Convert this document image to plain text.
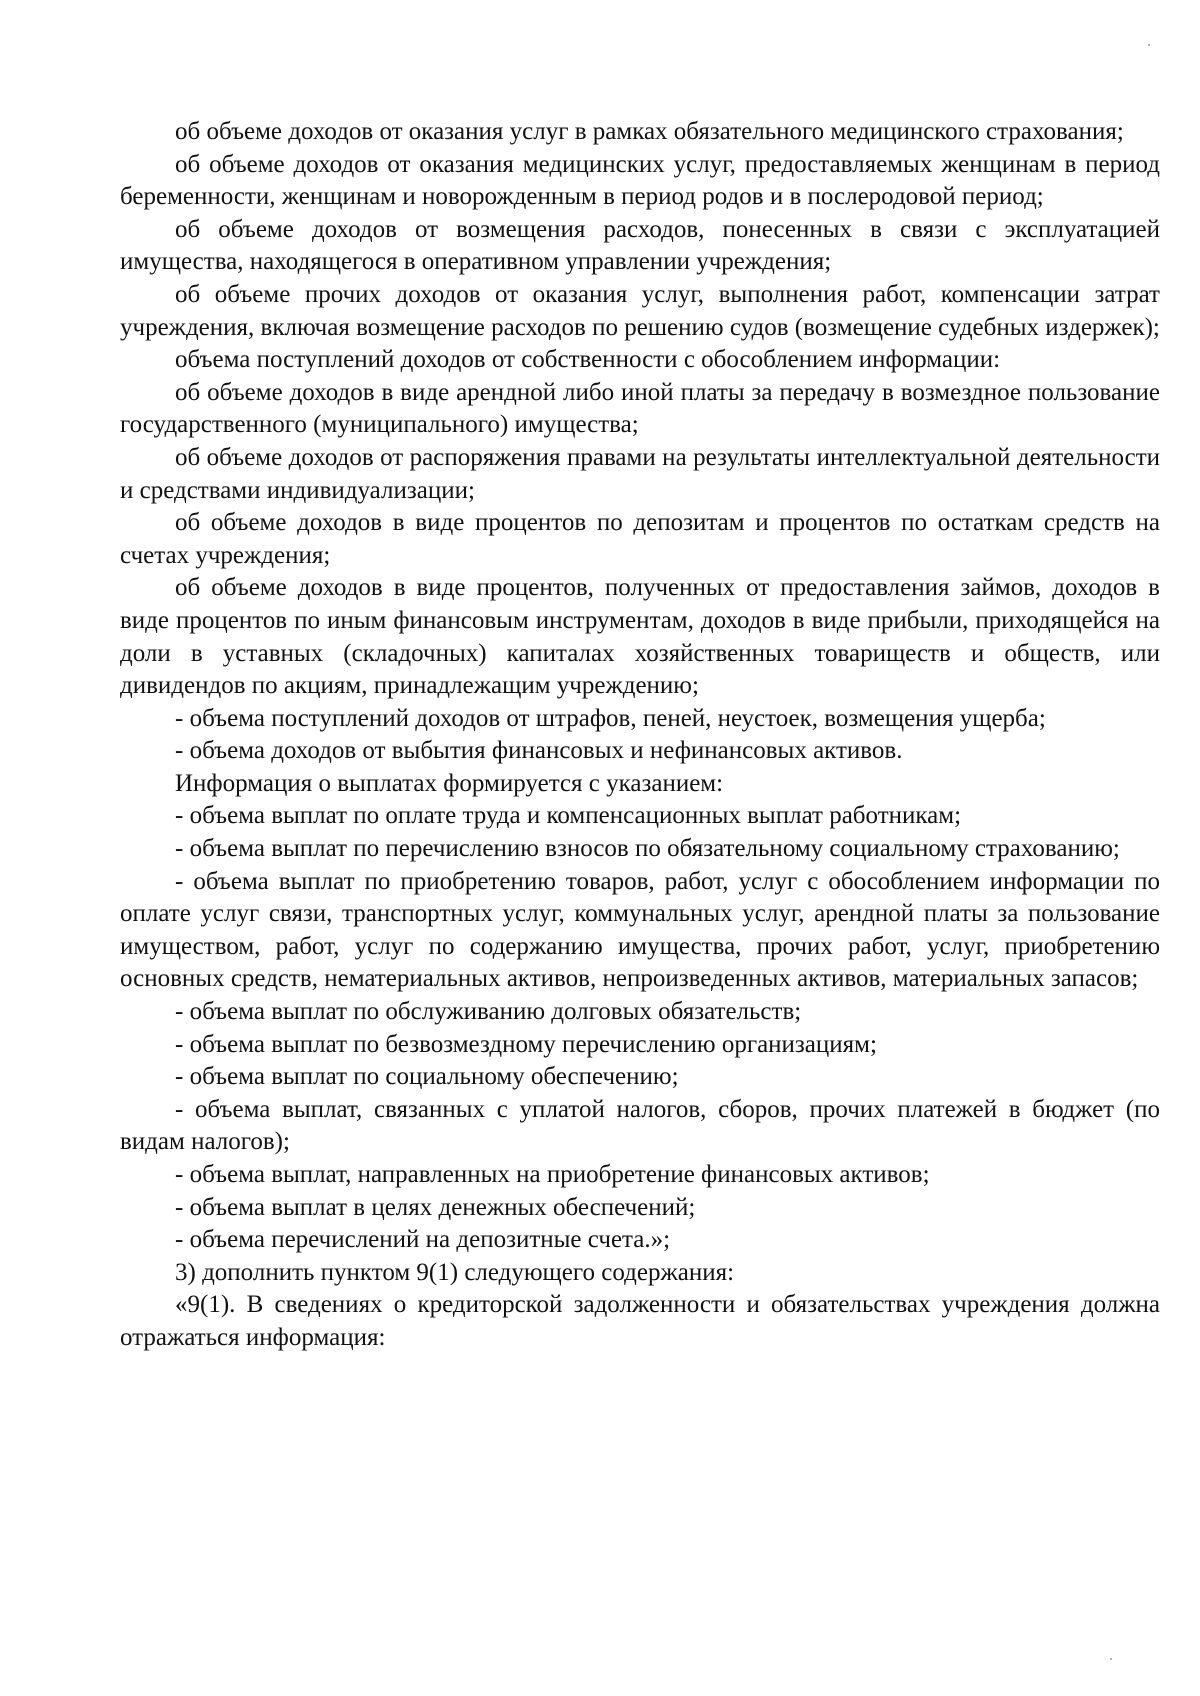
об объеме доходов от оказания услуг в рамках обязательного медицинского страхования;

об объеме доходов от оказания медицинских услуг, предоставляемых женщинам в период беременности, женщинам и новорожденным в период родов и в послеродовой период;

об объеме доходов от возмещения расходов, понесенных в связи с эксплуатацией имущества, находящегося в оперативном управлении учреждения;

об объеме прочих доходов от оказания услуг, выполнения работ, компенсации затрат учреждения, включая возмещение расходов по решению судов (возмещение судебных издержек);

объема поступлений доходов от собственности с обособлением информации:

об объеме доходов в виде арендной либо иной платы за передачу в возмездное пользование государственного (муниципального) имущества;

об объеме доходов от распоряжения правами на результаты интеллектуальной деятельности и средствами индивидуализации;

об объеме доходов в виде процентов по депозитам и процентов по остаткам средств на счетах учреждения;

об объеме доходов в виде процентов, полученных от предоставления займов, доходов в виде процентов по иным финансовым инструментам, доходов в виде прибыли, приходящейся на доли в уставных (складочных) капиталах хозяйственных товариществ и обществ, или дивидендов по акциям, принадлежащим учреждению;

- объема поступлений доходов от штрафов, пеней, неустоек, возмещения ущерба;

- объема доходов от выбытия финансовых и нефинансовых активов.

Информация о выплатах формируется с указанием:

- объема выплат по оплате труда и компенсационных выплат работникам;

- объема выплат по перечислению взносов по обязательному социальному страхованию;

- объема выплат по приобретению товаров, работ, услуг с обособлением информации по оплате услуг связи, транспортных услуг, коммунальных услуг, арендной платы за пользование имуществом, работ, услуг по содержанию имущества, прочих работ, услуг, приобретению основных средств, нематериальных активов, непроизведенных активов, материальных запасов;

- объема выплат по обслуживанию долговых обязательств;

- объема выплат по безвозмездному перечислению организациям;

- объема выплат по социальному обеспечению;

- объема выплат, связанных с уплатой налогов, сборов, прочих платежей в бюджет (по видам налогов);

- объема выплат, направленных на приобретение финансовых активов;

- объема выплат в целях денежных обеспечений;

- объема перечислений на депозитные счета.»;

3) дополнить пунктом 9(1) следующего содержания:

«9(1). В сведениях о кредиторской задолженности и обязательствах учреждения должна отражаться информация:
